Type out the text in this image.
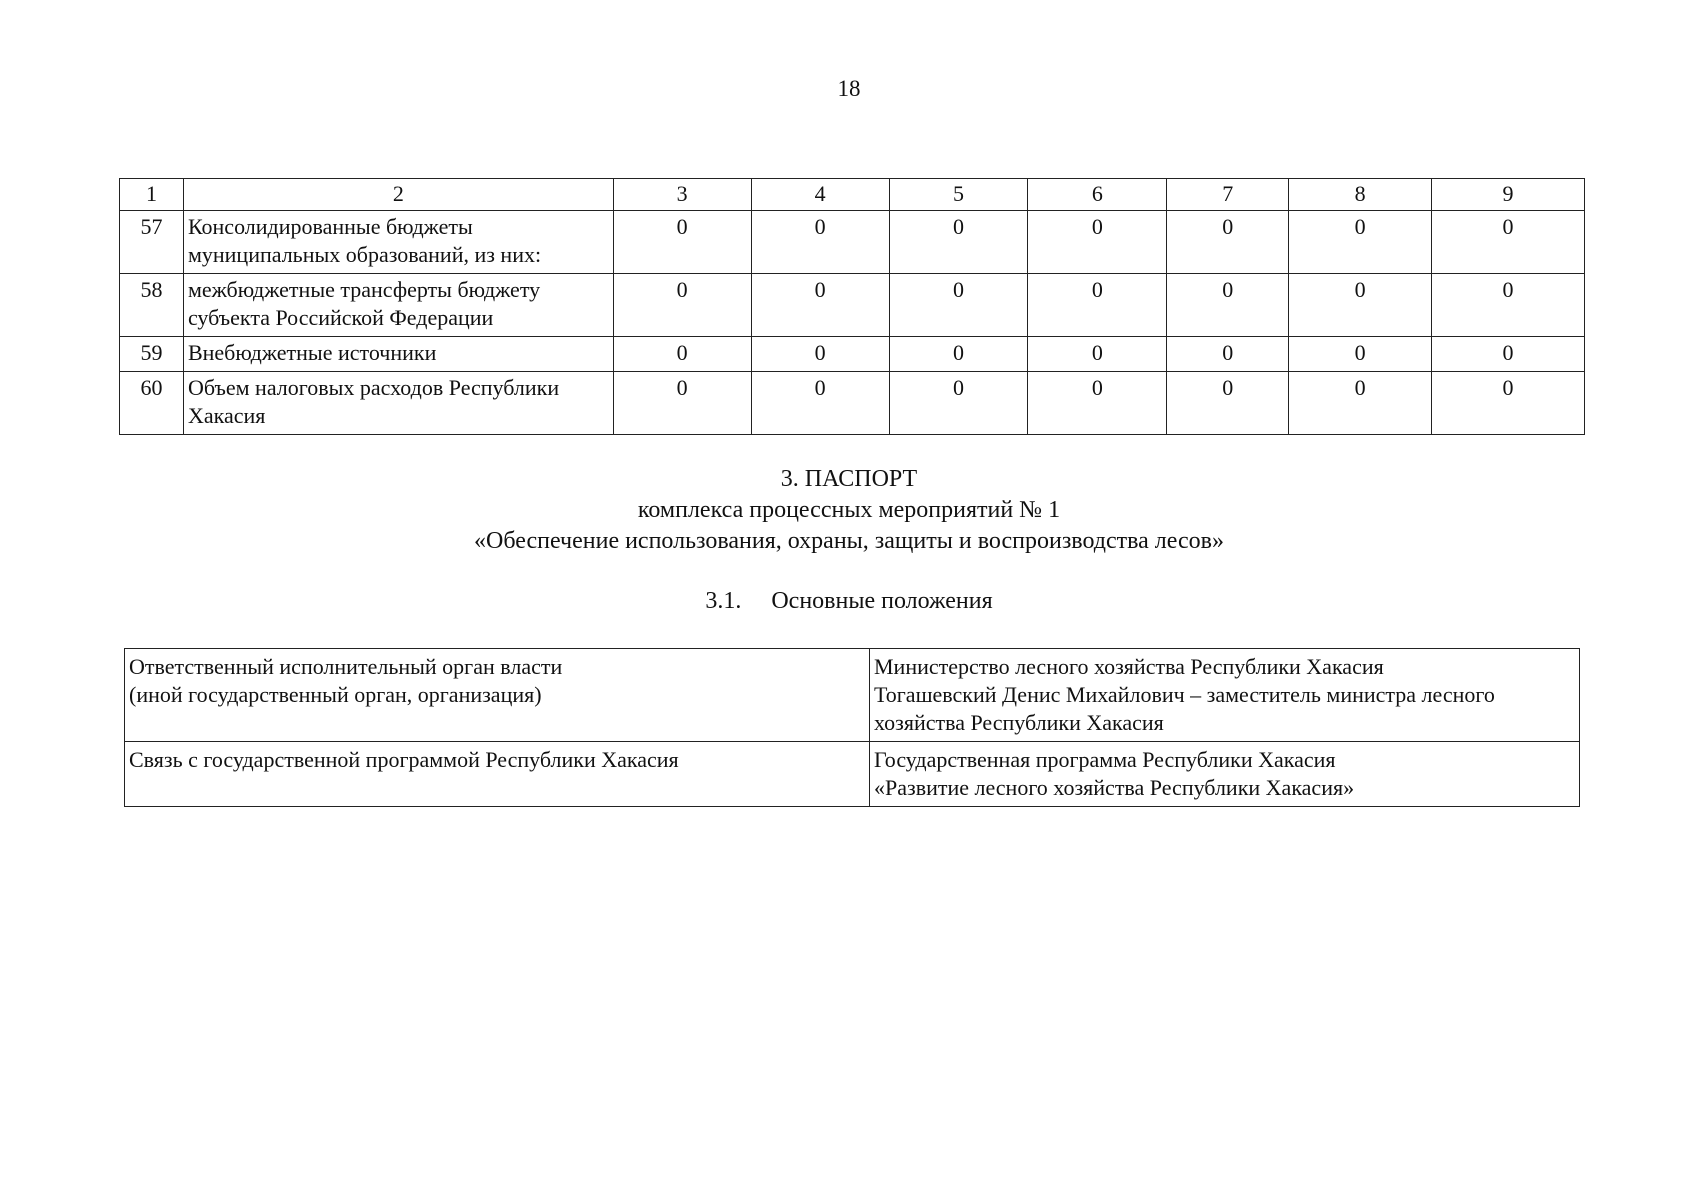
18
1	2	3	4	5	6	7	8	9
57	Консолидированные бюджеты муниципальных образований, из них:	0	0	0	0	0	0	0
58	межбюджетные трансферты бюджету субъекта Российской Федерации	0	0	0	0	0	0	0
59	Внебюджетные источники	0	0	0	0	0	0	0
60	Объем налоговых расходов Республики Хакасия	0	0	0	0	0	0	0
3. ПАСПОРТ
комплекса процессных мероприятий № 1
«Обеспечение использования, охраны, защиты и воспроизводства лесов»
3.1. Основные положения
Ответственный исполнительный орган власти
(иной государственный орган, организация)	Министерство лесного хозяйства Республики Хакасия
Тогашевский Денис Михайлович – заместитель министра лесного
хозяйства Республики Хакасия

Связь с государственной программой Республики Хакасия	Государственная программа Республики Хакасия
«Развитие лесного хозяйства Республики Хакасия»
